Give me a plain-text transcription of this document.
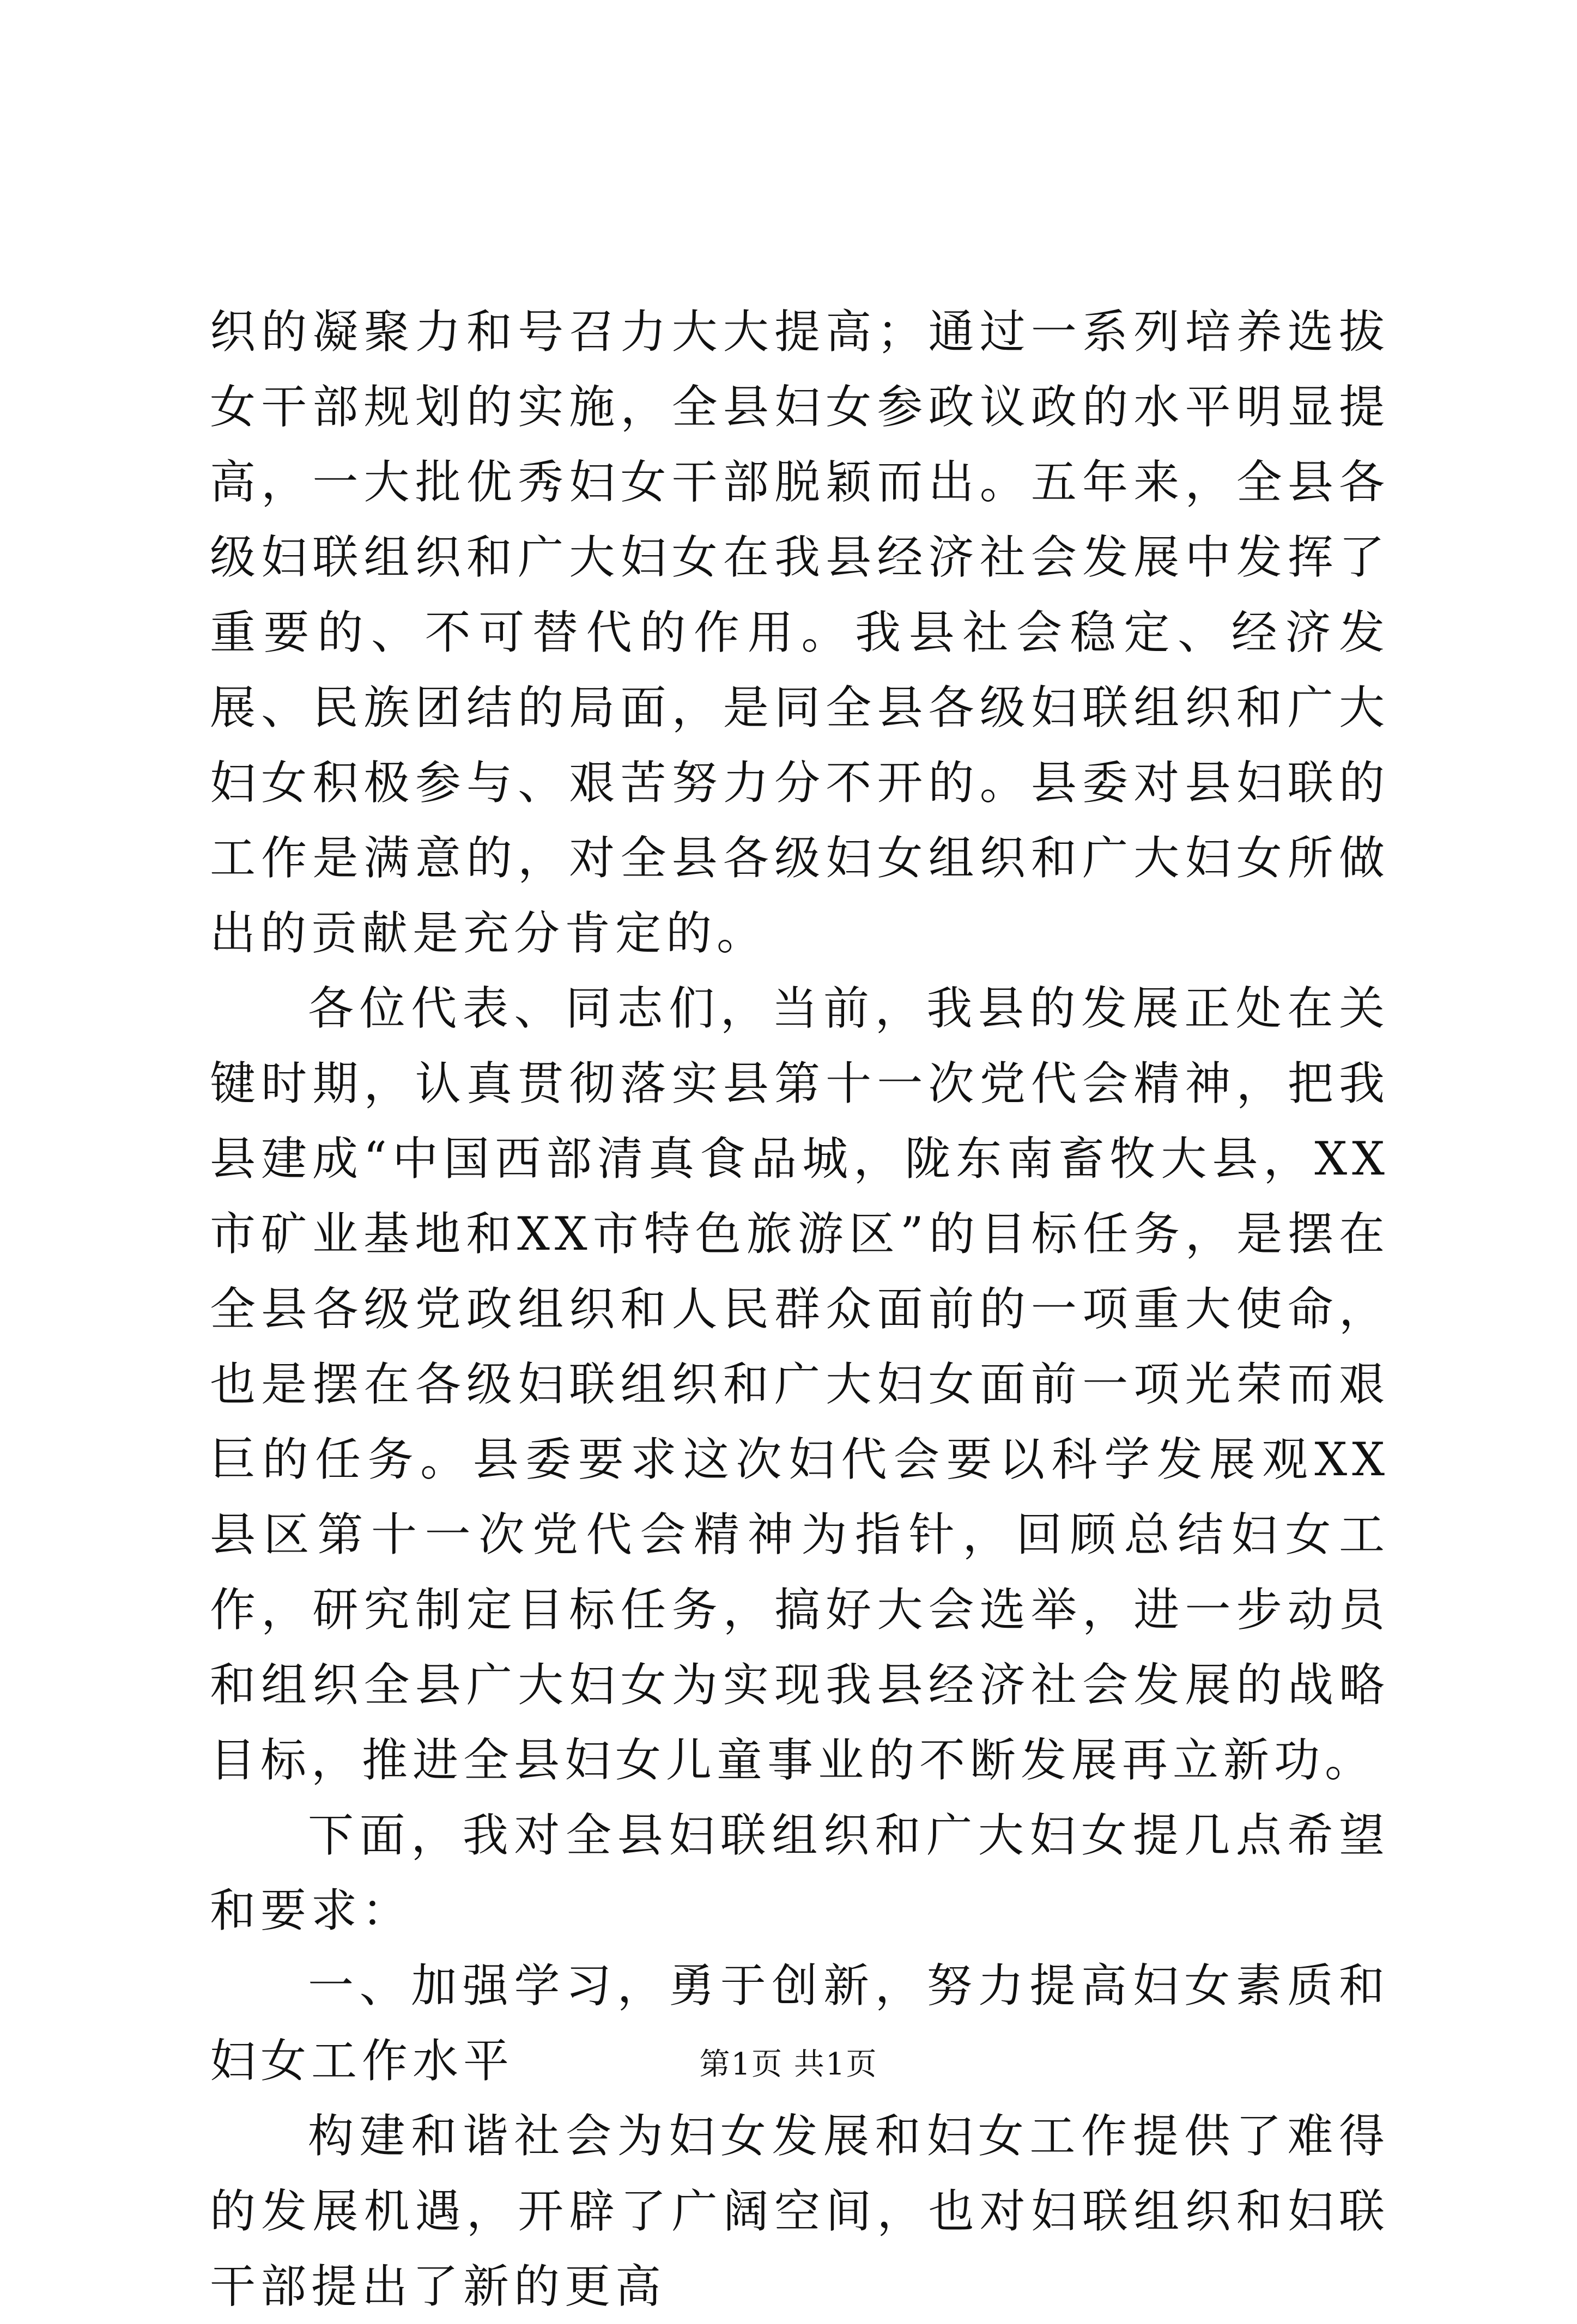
织的凝聚力和号召力大大提高；通过一系列培养选拔女干部规划的实施，全县妇女参政议政的水平明显提高，一大批优秀妇女干部脱颖而出。五年来，全县各级妇联组织和广大妇女在我县经济社会发展中发挥了重要的、不可替代的作用。我县社会稳定、经济发展、民族团结的局面，是同全县各级妇联组织和广大妇女积极参与、艰苦努力分不开的。县委对县妇联的工作是满意的，对全县各级妇女组织和广大妇女所做出的贡献是充分肯定的。

各位代表、同志们，当前，我县的发展正处在关键时期，认真贯彻落实县第十一次党代会精神，把我县建成“中国西部清真食品城，陇东南畜牧大县，XX市矿业基地和XX市特色旅游区”的目标任务，是摆在全县各级党政组织和人民群众面前的一项重大使命，也是摆在各级妇联组织和广大妇女面前一项光荣而艰巨的任务。县委要求这次妇代会要以科学发展观XX县区第十一次党代会精神为指针，回顾总结妇女工作，研究制定目标任务，搞好大会选举，进一步动员和组织全县广大妇女为实现我县经济社会发展的战略目标，推进全县妇女儿童事业的不断发展再立新功。

下面，我对全县妇联组织和广大妇女提几点希望和要求：

一、加强学习，勇于创新，努力提高妇女素质和妇女工作水平

构建和谐社会为妇女发展和妇女工作提供了难得的发展机遇，开辟了广阔空间，也对妇联组织和妇联干部提出了新的更高

第1页 共1页
